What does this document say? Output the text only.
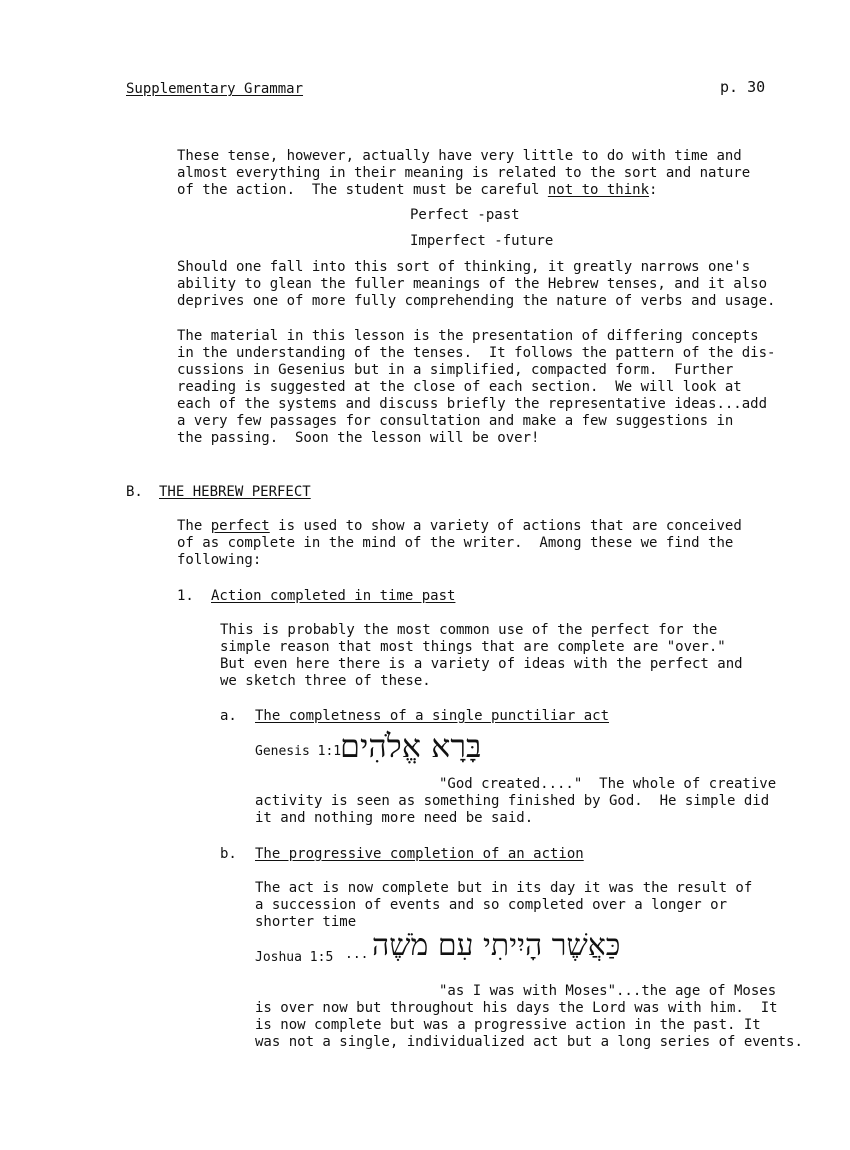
Supplementary Grammar	p. 30
These tense, however, actually have very little to do with time and
almost everything in their meaning is related to the sort and nature
of the action.  The student must be careful not to think:
Perfect -past
Imperfect -future
Should one fall into this sort of thinking, it greatly narrows one's
ability to glean the fuller meanings of the Hebrew tenses, and it also
deprives one of more fully comprehending the nature of verbs and usage.
The material in this lesson is the presentation of differing concepts
in the understanding of the tenses.  It follows the pattern of the dis-
cussions in Gesenius but in a simplified, compacted form.  Further
reading is suggested at the close of each section.  We will look at
each of the systems and discuss briefly the representative ideas...add
a very few passages for consultation and make a few suggestions in
the passing.  Soon the lesson will be over!
B. THE HEBREW PERFECT
The perfect is used to show a variety of actions that are conceived
of as complete in the mind of the writer.  Among these we find the
following:
1. Action completed in time past
This is probably the most common use of the perfect for the
simple reason that most things that are complete are "over."
But even here there is a variety of ideas with the perfect and
we sketch three of these.
a. The completness of a single punctiliar act
Genesis 1:1
בָּרָא אֱלֹהִים
"God created...."  The whole of creative
activity is seen as something finished by God.  He simple did
it and nothing more need be said.
b. The progressive completion of an action
The act is now complete but in its day it was the result of
a succession of events and so completed over a longer or
shorter time
Joshua 1:5 ... כַּאֲשֶׁר הָיִיתִי עִם מֹשֶׁה
"as I was with Moses"...the age of Moses
is over now but throughout his days the Lord was with him.  It
is now complete but was a progressive action in the past. It
was not a single, individualized act but a long series of events.
